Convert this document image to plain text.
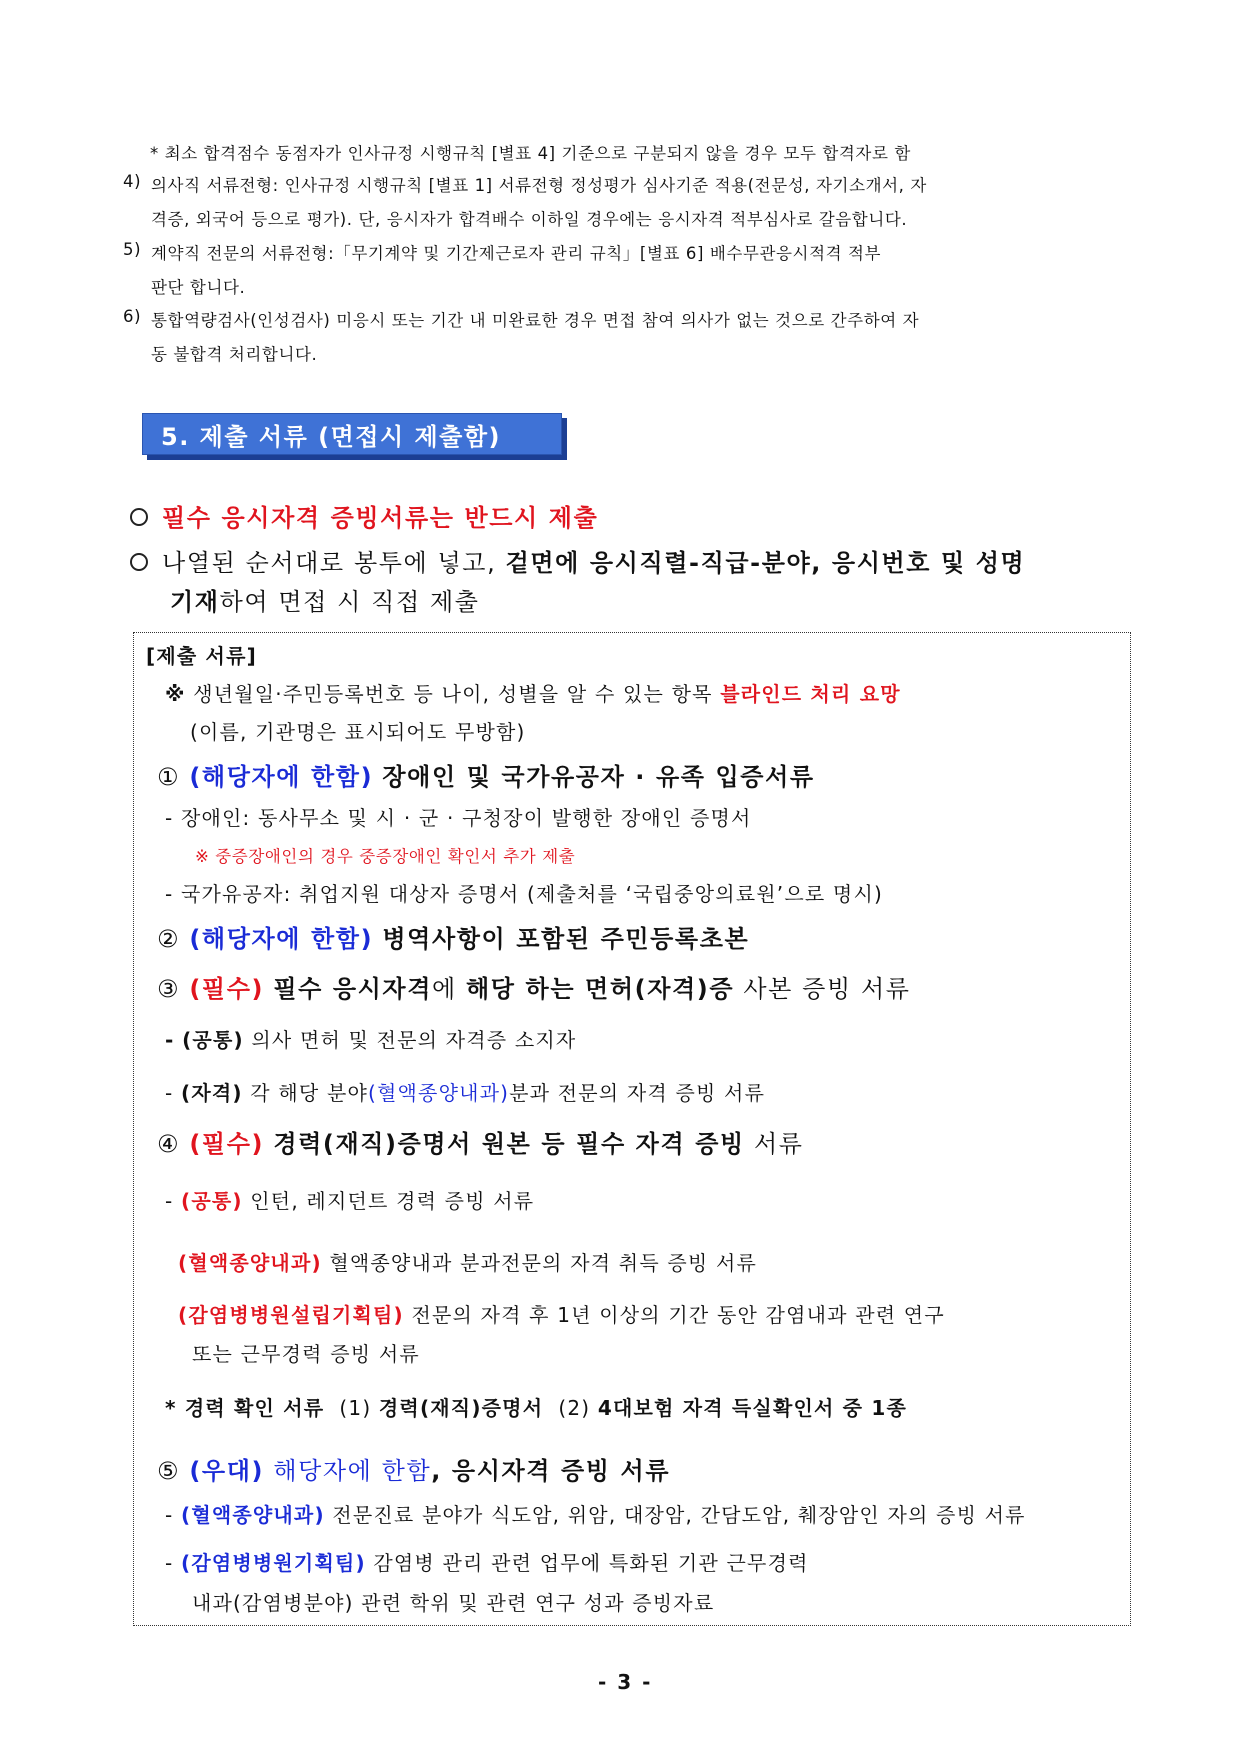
* 최소 합격점수 동점자가 인사규정 시행규칙 [별표 4] 기준으로 구분되지 않을 경우 모두 합격자로 함
4) 의사직 서류전형: 인사규정 시행규칙 [별표 1] 서류전형 정성평가 심사기준 적용(전문성, 자기소개서, 자
격증, 외국어 등으로 평가). 단, 응시자가 합격배수 이하일 경우에는 응시자격 적부심사로 갈음합니다.
5) 계약직 전문의 서류전형:「무기계약 및 기간제근로자 관리 규칙」[별표 6] 배수무관응시적격 적부
판단 합니다.
6) 통합역량검사(인성검사) 미응시 또는 기간 내 미완료한 경우 면접 참여 의사가 없는 것으로 간주하여 자
동 불합격 처리합니다.
5. 제출 서류 (면접시 제출함)
필수 응시자격 증빙서류는 반드시 제출
나열된 순서대로 봉투에 넣고, 겉면에 응시직렬-직급-분야, 응시번호 및 성명
기재하여 면접 시 직접 제출
[제출 서류]
※ 생년월일·주민등록번호 등 나이, 성별을 알 수 있는 항목 블라인드 처리 요망
(이름, 기관명은 표시되어도 무방함)
① (해당자에 한함) 장애인 및 국가유공자 · 유족 입증서류
- 장애인: 동사무소 및 시 · 군 · 구청장이 발행한 장애인 증명서
※ 중증장애인의 경우 중증장애인 확인서 추가 제출
- 국가유공자: 취업지원 대상자 증명서 (제출처를 ‘국립중앙의료원’으로 명시)
② (해당자에 한함) 병역사항이 포함된 주민등록초본
③ (필수) 필수 응시자격에 해당 하는 면허(자격)증 사본 증빙 서류
- (공통) 의사 면허 및 전문의 자격증 소지자
- (자격) 각 해당 분야(혈액종양내과)분과 전문의 자격 증빙 서류
④ (필수) 경력(재직)증명서 원본 등 필수 자격 증빙 서류
- (공통) 인턴, 레지던트 경력 증빙 서류
(혈액종양내과) 혈액종양내과 분과전문의 자격 취득 증빙 서류
(감염병병원설립기획팀) 전문의 자격 후 1년 이상의 기간 동안 감염내과 관련 연구
또는 근무경력 증빙 서류
* 경력 확인 서류 (1) 경력(재직)증명서 (2) 4대보험 자격 득실확인서 중 1종
⑤ (우대) 해당자에 한함, 응시자격 증빙 서류
- (혈액종양내과) 전문진료 분야가 식도암, 위암, 대장암, 간담도암, 췌장암인 자의 증빙 서류
- (감염병병원기획팀) 감염병 관리 관련 업무에 특화된 기관 근무경력
내과(감염병분야) 관련 학위 및 관련 연구 성과 증빙자료
- 3 -
